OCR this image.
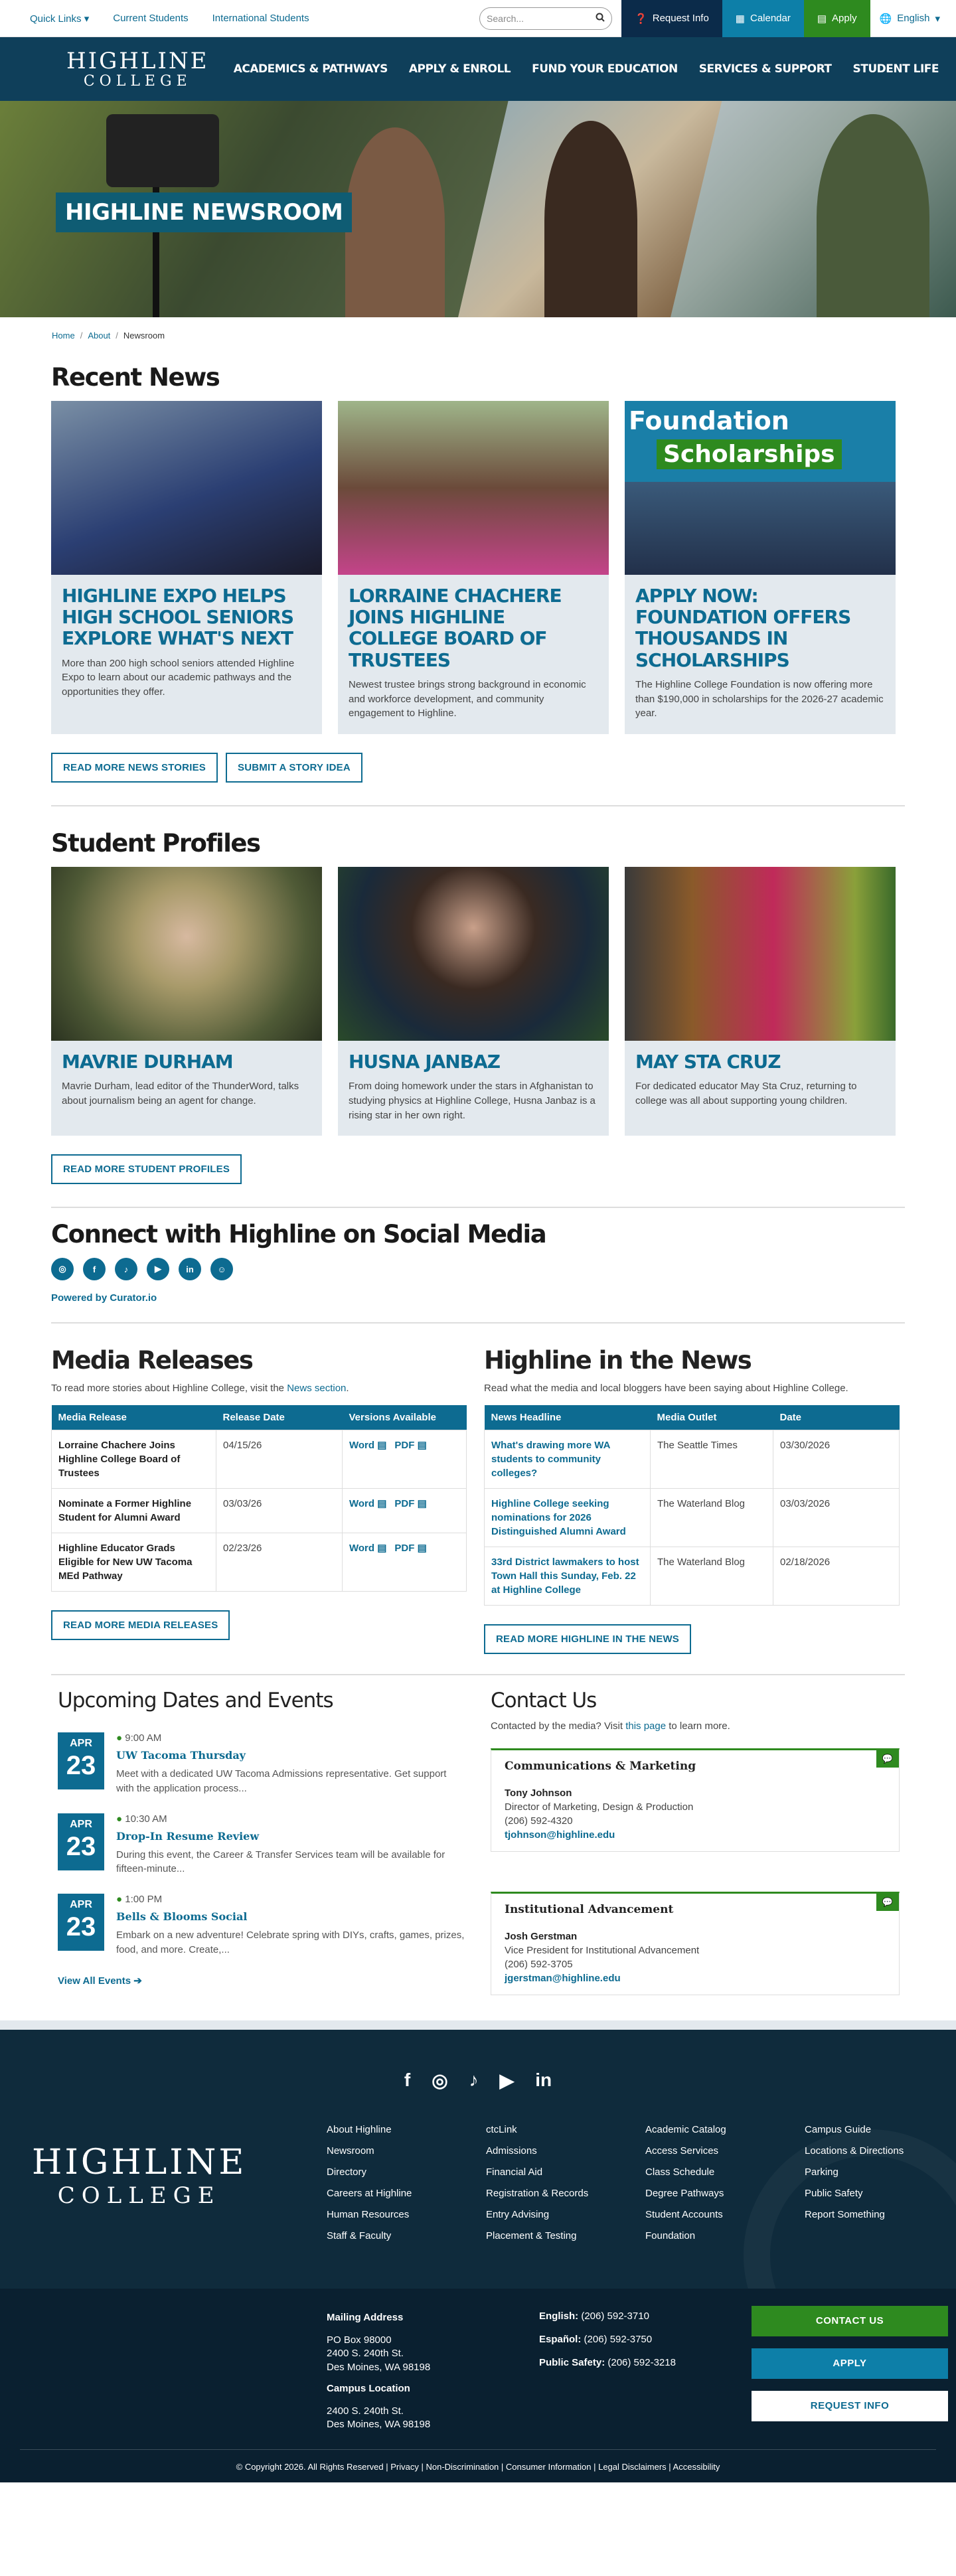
Quick Links ▾ Current Students International Students	Search...	❓ Request Info	▦ Calendar	▤ Apply 🌐 English ▾
HIGHLINE
COLLEGE
ACADEMICS & PATHWAYS APPLY & ENROLL FUND YOUR EDUCATION SERVICES & SUPPORT STUDENT LIFE
HIGHLINE NEWSROOM
Home / About / Newsroom
Recent News
HIGHLINE EXPO HELPS HIGH SCHOOL SENIORS EXPLORE WHAT'S NEXT

More than 200 high school seniors attended Highline Expo to learn about our academic pathways and the opportunities they offer.

LORRAINE CHACHERE JOINS HIGHLINE COLLEGE BOARD OF TRUSTEES

Newest trustee brings strong background in economic and workforce development, and community engagement to Highline.

Foundation
Scholarships
APPLY NOW: FOUNDATION OFFERS THOUSANDS IN SCHOLARSHIPS

The Highline College Foundation is now offering more than $190,000 in scholarships for the 2026-27 academic year.

READ MORE NEWS STORIES	SUBMIT A STORY IDEA
Student Profiles
MAVRIE DURHAM

Mavrie Durham, lead editor of the ThunderWord, talks about journalism being an agent for change.

HUSNA JANBAZ

From doing homework under the stars in Afghanistan to studying physics at Highline College, Husna Janbaz is a rising star in her own right.

MAY STA CRUZ

For dedicated educator May Sta Cruz, returning to college was all about supporting young children.

READ MORE STUDENT PROFILES
Connect with Highline on Social Media
◎	f	♪	▶	in	☺
Powered by Curator.io
Media Releases

To read more stories about Highline College, visit the News section.

Media Release	Release Date	Versions Available
Lorraine Chachere Joins Highline College Board of Trustees	04/15/26	Word ▤ PDF ▤
Nominate a Former Highline Student for Alumni Award	03/03/26	Word ▤ PDF ▤
Highline Educator Grads Eligible for New UW Tacoma MEd Pathway	02/23/26	Word ▤ PDF ▤
READ MORE MEDIA RELEASES
Highline in the News

Read what the media and local bloggers have been saying about Highline College.

News Headline	Media Outlet	Date
What's drawing more WA students to community colleges?	The Seattle Times	03/30/2026
Highline College seeking nominations for 2026 Distinguished Alumni Award	The Waterland Blog	03/03/2026
33rd District lawmakers to host Town Hall this Sunday, Feb. 22 at Highline College	The Waterland Blog	02/18/2026
READ MORE HIGHLINE IN THE NEWS
Upcoming Dates and Events
APR
23
● 9:00 AM
UW Tacoma Thursday

Meet with a dedicated UW Tacoma Admissions representative. Get support with the application process...

APR
23
● 10:30 AM
Drop-In Resume Review

During this event, the Career & Transfer Services team will be available for fifteen-minute...

APR
23
● 1:00 PM
Bells & Blooms Social

Embark on a new adventure! Celebrate spring with DIYs, crafts, games, prizes, food, and more. Create,...

View All Events ➔
Contact Us

Contacted by the media? Visit this page to learn more.

💬
Communications & Marketing
Tony Johnson
Director of Marketing, Design & Production
(206) 592-4320
tjohnson@highline.edu
💬
Institutional Advancement
Josh Gerstman
Vice President for Institutional Advancement
(206) 592-3705
jgerstman@highline.edu
f ◎ ♪ ▶ in
HIGHLINE
COLLEGE
About Highline	ctcLink	Academic Catalog	Campus Guide
Newsroom	Admissions	Access Services	Locations & Directions
Directory	Financial Aid	Class Schedule	Parking
Careers at Highline	Registration & Records	Degree Pathways	Public Safety
Human Resources	Entry Advising	Student Accounts	Report Something
Staff & Faculty	Placement & Testing	Foundation
Mailing Address
PO Box 98000
2400 S. 240th St.
Des Moines, WA 98198
Campus Location
2400 S. 240th St.
Des Moines, WA 98198
English: (206) 592-3710
Español: (206) 592-3750
Public Safety: (206) 592-3218
CONTACT US
APPLY
REQUEST INFO
© Copyright 2026. All Rights Reserved | Privacy | Non-Discrimination | Consumer Information | Legal Disclaimers | Accessibility
